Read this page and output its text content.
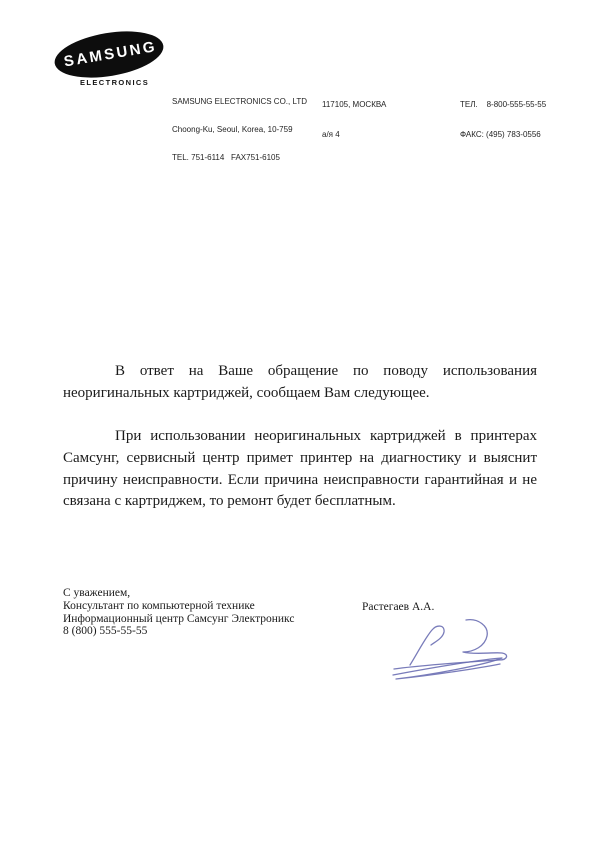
SAMSUNG
ELECTRONICS

SAMSUNG ELECTRONICS CO., LTD

Choong-Ku, Seoul, Korea, 10-759

TEL. 751-6114   FAX751-6105

117105, МОСКВА

а/я 4

ТЕЛ.    8-800-555-55-55

ФАКС: (495) 783-0556

В ответ на Ваше обращение по поводу использования неоригинальных картриджей, сообщаем Вам следующее.

При использовании неоригинальных картриджей в принтерах Самсунг, сервисный центр примет принтер на диагностику и выяснит причину неисправности. Если причина неисправности гарантийная и не связана с картриджем, то ремонт будет бесплатным.

С уважением,
Консультант по компьютерной технике
Информационный центр Самсунг Электроникс
8 (800) 555-55-55
Растегаев А.А.
